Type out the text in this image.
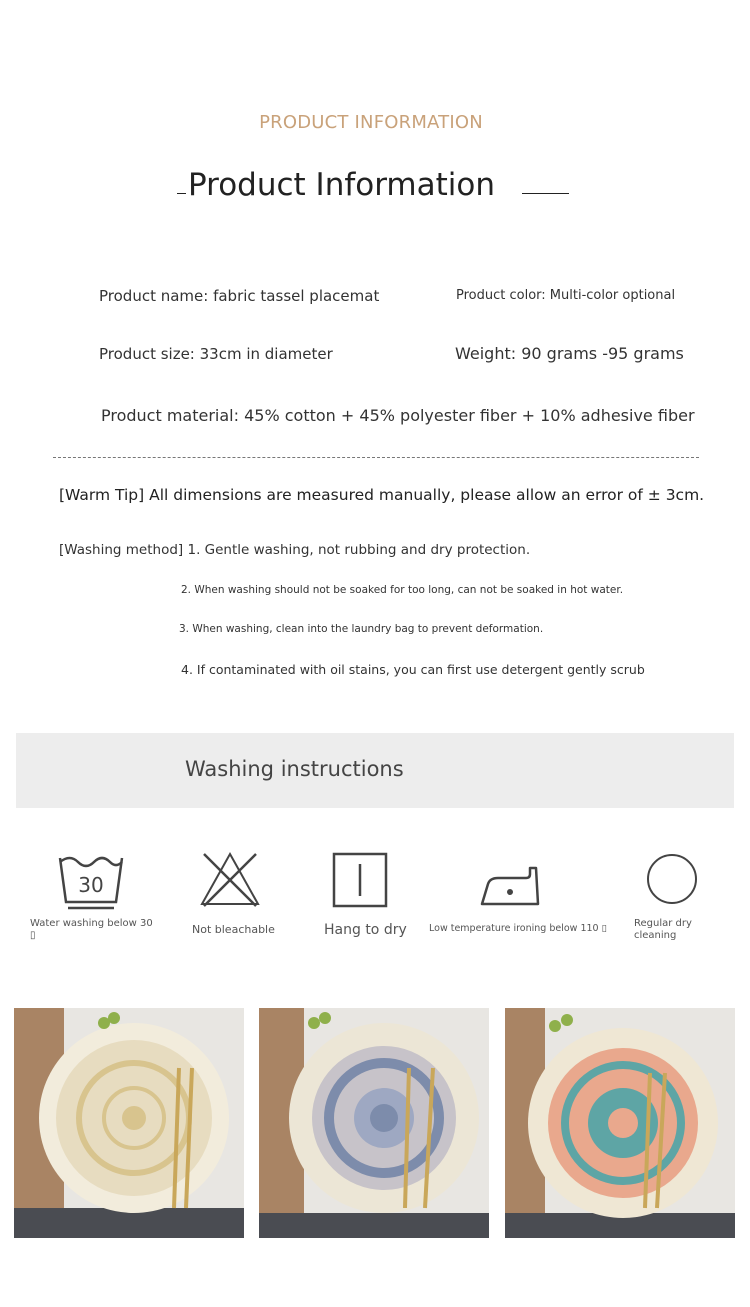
PRODUCT INFORMATION
Product Information
Product name: fabric tassel placemat	Product color: Multi-color optional
Product size: 33cm in diameter	Weight: 90 grams -95 grams
Product material: 45% cotton + 45% polyester fiber + 10% adhesive fiber
[Warm Tip] All dimensions are measured manually, please allow an error of ± 3cm.
[Washing method] 1. Gentle washing, not rubbing and dry protection.
2. When washing should not be soaked for too long, can not be soaked in hot water.
3. When washing, clean into the laundry bag to prevent deformation.
4. If contaminated with oil stains, you can first use detergent gently scrub
Washing instructions
30
Water washing below 30 ▯	Not bleachable	Hang to dry Low temperature ironing below 110 ▯	Regular dry cleaning
